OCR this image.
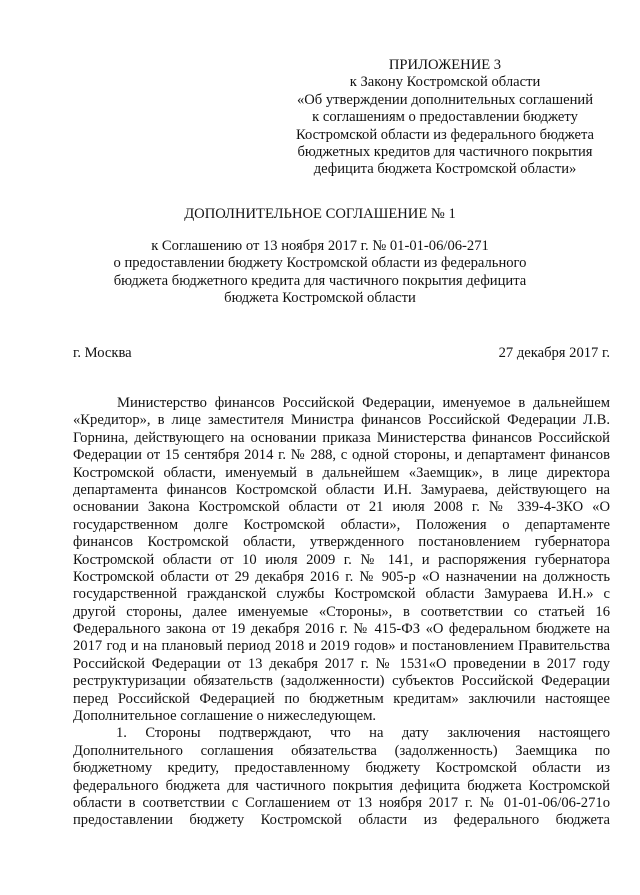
ПРИЛОЖЕНИЕ 3
к Закону Костромской области
«Об утверждении дополнительных соглашений
к соглашениям о предоставлении бюджету
Костромской области из федерального бюджета
бюджетных кредитов для частичного покрытия
дефицита бюджета Костромской области»
ДОПОЛНИТЕЛЬНОЕ СОГЛАШЕНИЕ № 1
к Соглашению от 13 ноября 2017 г. № 01-01-06/06-271
о предоставлении бюджету Костромской области из федерального
бюджета бюджетного кредита для частичного покрытия дефицита
бюджета Костромской области
г. Москва	27 декабря 2017 г.
Министерство финансов Российской Федерации, именуемое в дальнейшем
«Кредитор», в лице заместителя Министра финансов Российской Федерации Л.В.
Горнина, действующего на основании приказа Министерства финансов Российской
Федерации от 15 сентября 2014 г. № 288, с одной стороны, и департамент финансов
Костромской области, именуемый в дальнейшем «Заемщик», в лице директора
департамента финансов Костромской области И.Н. Замураева, действующего на
основании Закона Костромской области от 21 июля 2008 г. № 339-4-ЗКО «О
государственном долге Костромской области», Положения о департаменте
финансов Костромской области, утвержденного постановлением губернатора
Костромской области от 10 июля 2009 г. № 141, и распоряжения губернатора
Костромской области от 29 декабря 2016 г. № 905-р «О назначении на должность
государственной гражданской службы Костромской области Замураева И.Н.» с
другой стороны, далее именуемые «Стороны», в соответствии со статьей 16
Федерального закона от 19 декабря 2016 г. № 415-ФЗ «О федеральном бюджете на
2017 год и на плановый период 2018 и 2019 годов» и постановлением Правительства
Российской Федерации от 13 декабря 2017 г. № 1531«О проведении в 2017 году
реструктуризации обязательств (задолженности) субъектов Российской Федерации
перед Российской Федерацией по бюджетным кредитам» заключили настоящее
Дополнительное соглашение о нижеследующем.
1. Стороны подтверждают, что на дату заключения настоящего
Дополнительного соглашения обязательства (задолженность) Заемщика по
бюджетному кредиту, предоставленному бюджету Костромской области из
федерального бюджета для частичного покрытия дефицита бюджета Костромской
области в соответствии с Соглашением от 13 ноября 2017 г. № 01-01-06/06-271о
предоставлении бюджету Костромской области из федерального бюджета
